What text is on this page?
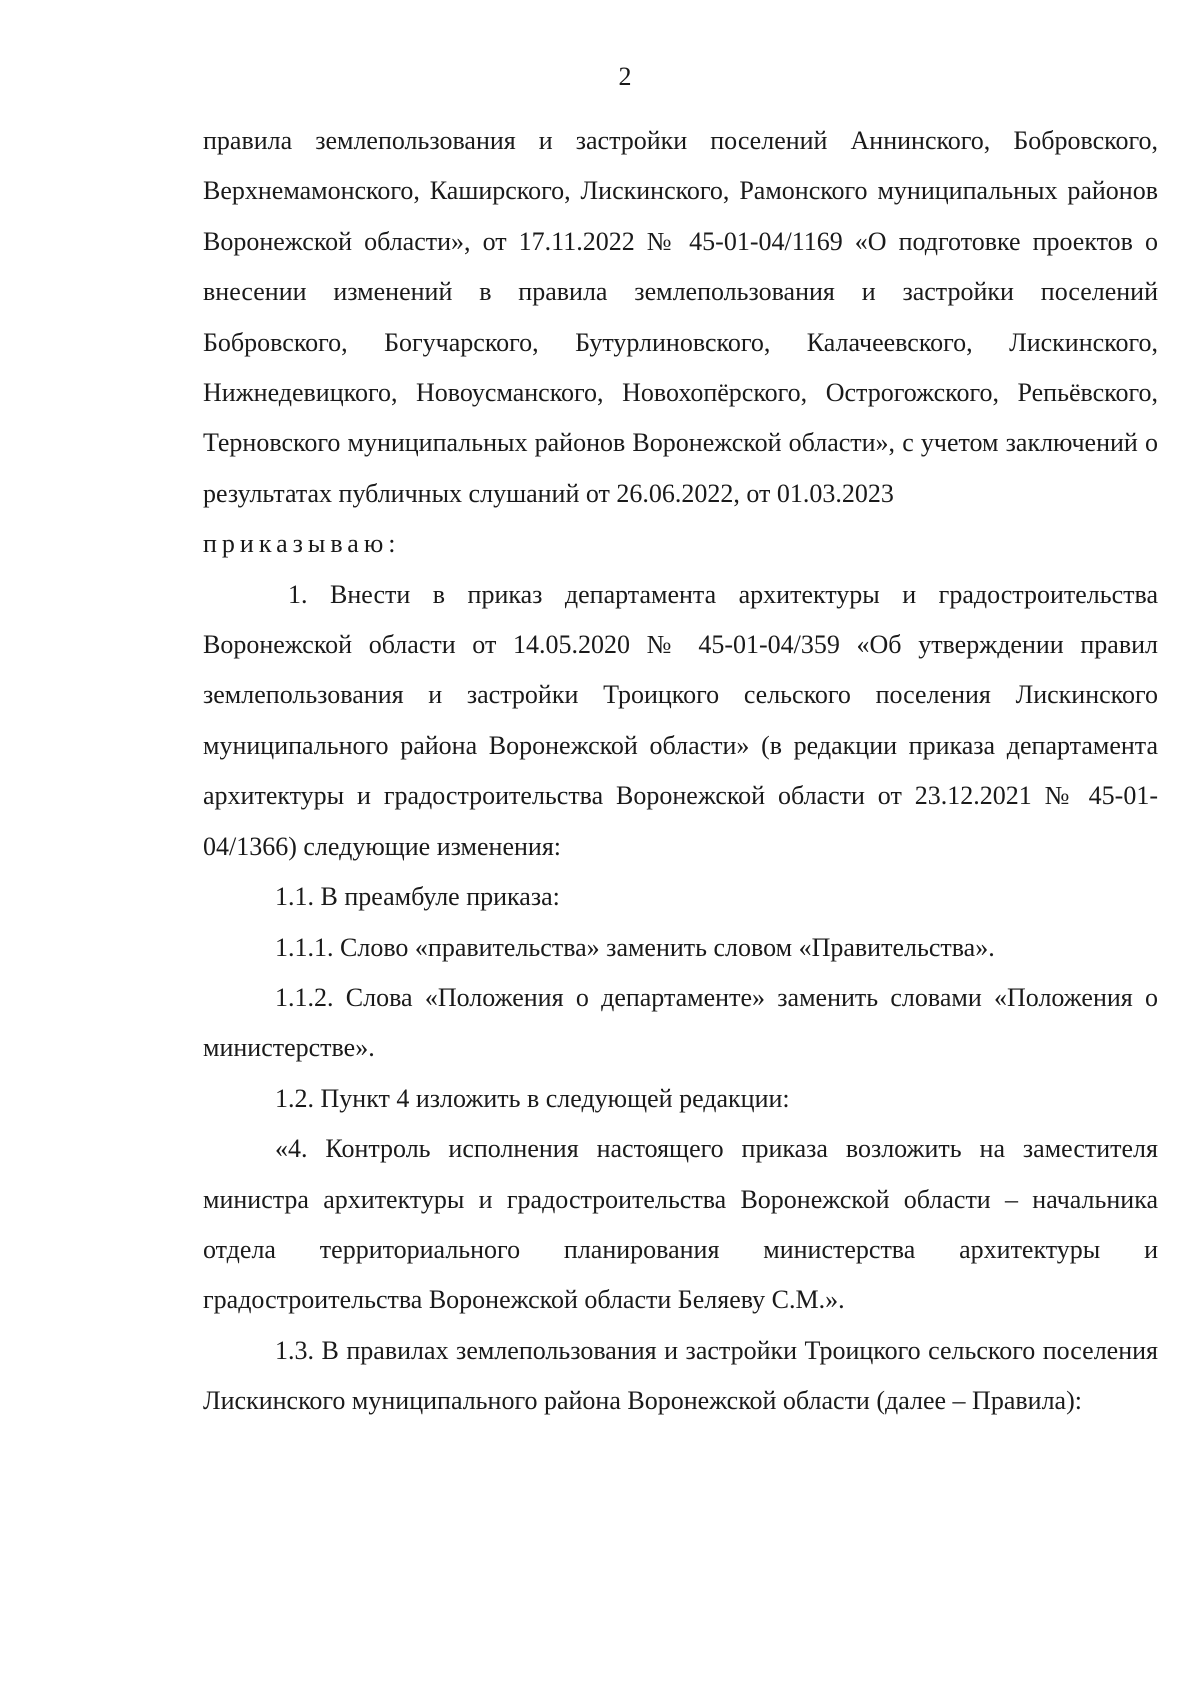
2

правила землепользования и застройки поселений Аннинского, Бобровского, Верхнемамонского, Каширского, Лискинского, Рамонского муниципальных районов Воронежской области», от 17.11.2022 № 45-01-04/1169 «О подготовке проектов о внесении изменений в правила землепользования и застройки поселений Бобровского, Богучарского, Бутурлиновского, Калачеевского, Лискинского, Нижнедевицкого, Новоусманского, Новохопёрского, Острогожского, Репьёвского, Терновского муниципальных районов Воронежской области», с учетом заключений о результатах публичных слушаний от 26.06.2022, от 01.03.2023

приказываю:

1. Внести в приказ департамента архитектуры и градостроительства Воронежской области от 14.05.2020 № 45-01-04/359 «Об утверждении правил землепользования и застройки Троицкого сельского поселения Лискинского муниципального района Воронежской области» (в редакции приказа департамента архитектуры и градостроительства Воронежской области от 23.12.2021 № 45-01-04/1366) следующие изменения:

1.1. В преамбуле приказа:

1.1.1. Слово «правительства» заменить словом «Правительства».

1.1.2. Слова «Положения о департаменте» заменить словами «Положения о министерстве».

1.2. Пункт 4 изложить в следующей редакции:

«4. Контроль исполнения настоящего приказа возложить на заместителя министра архитектуры и градостроительства Воронежской области – начальника отдела территориального планирования министерства архитектуры и градостроительства Воронежской области Беляеву С.М.».

1.3. В правилах землепользования и застройки Троицкого сельского поселения Лискинского муниципального района Воронежской области (далее – Правила):
